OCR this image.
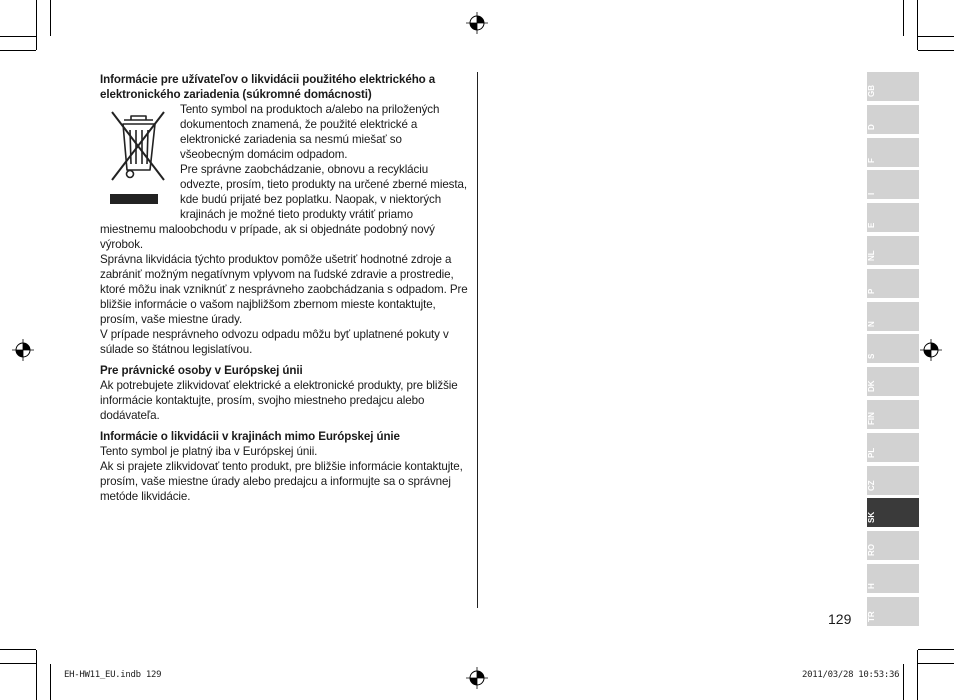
Informácie pre užívateľov o likvidácii použitého elektrického a elektronického zariadenia (súkromné domácnosti)

Tento symbol na produktoch a/alebo na priložených dokumentoch znamená, že použité elektrické a elektronické zariadenia sa nesmú miešať so všeobecným domácim odpadom.

Pre správne zaobchádzanie, obnovu a recykláciu odvezte, prosím, tieto produkty na určené zberné miesta, kde budú prijaté bez poplatku. Naopak, v niektorých krajinách je možné tieto produkty vrátiť priamo miestnemu maloobchodu v prípade, ak si objednáte podobný nový výrobok.

Správna likvidácia týchto produktov pomôže ušetriť hodnotné zdroje a zabrániť možným negatívnym vplyvom na ľudské zdravie a prostredie, ktoré môžu inak vzniknúť z nesprávneho zaobchádzania s odpadom. Pre bližšie informácie o vašom najbližšom zbernom mieste kontaktujte, prosím, vaše miestne úrady.

V prípade nesprávneho odvozu odpadu môžu byť uplatnené pokuty v súlade so štátnou legislatívou.

Pre právnické osoby v Európskej únii

Ak potrebujete zlikvidovať elektrické a elektronické produkty, pre bližšie informácie kontaktujte, prosím, svojho miestneho predajcu alebo dodávateľa.

Informácie o likvidácii v krajinách mimo Európskej únie

Tento symbol je platný iba v Európskej únii.

Ak si prajete zlikvidovať tento produkt, pre bližšie informácie kontaktujte, prosím, vaše miestne úrady alebo predajcu a informujte sa o správnej metóde likvidácie.

GB
D
F
I
E
NL
P
N
S
DK
FIN
PL
CZ
SK
RO
H
TR
129
EH-HW11_EU.indb 129	2011/03/28 10:53:36
